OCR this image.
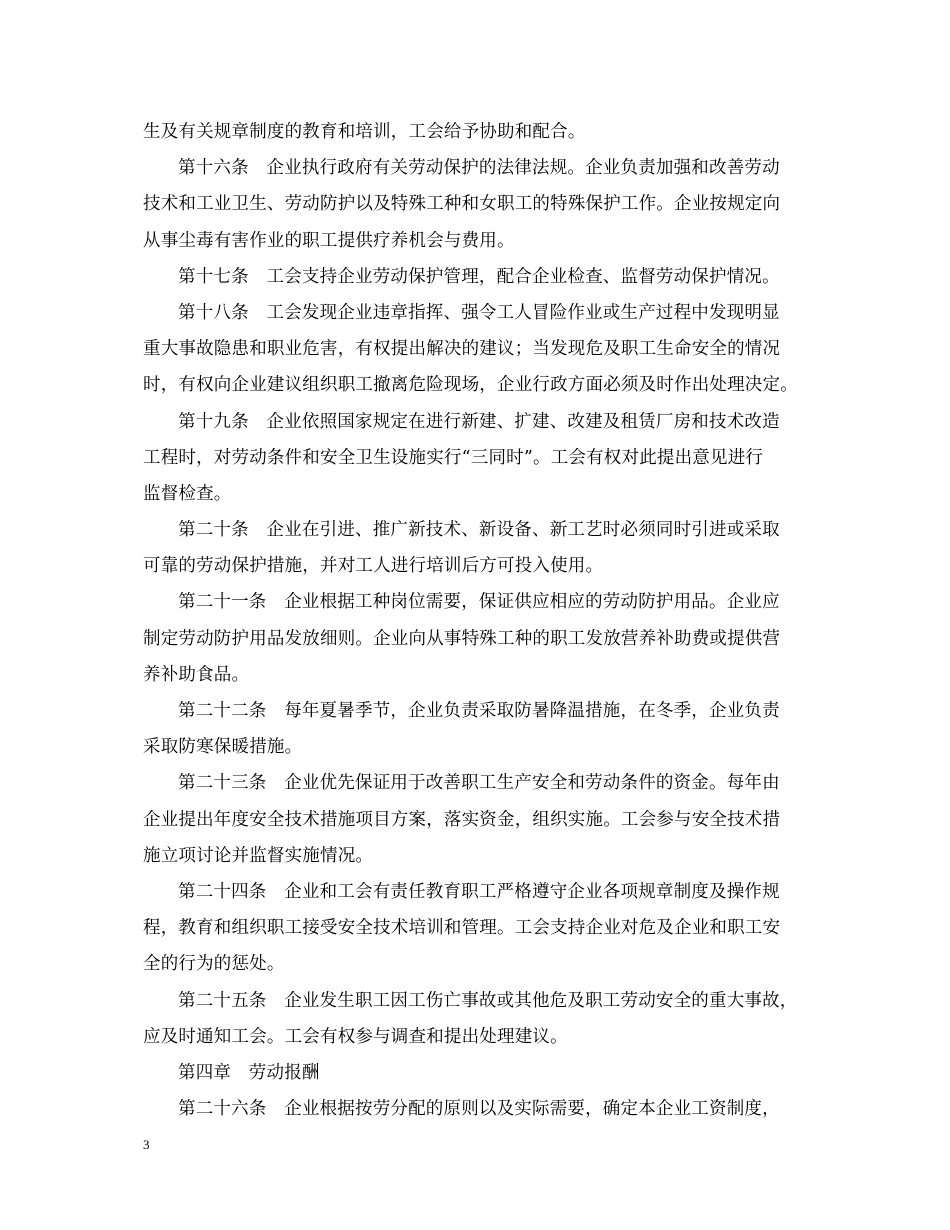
生及有关规章制度的教育和培训，工会给予协助和配合。
第十六条　企业执行政府有关劳动保护的法律法规。企业负责加强和改善劳动
技术和工业卫生、劳动防护以及特殊工种和女职工的特殊保护工作。企业按规定向
从事尘毒有害作业的职工提供疗养机会与费用。
第十七条　工会支持企业劳动保护管理，配合企业检查、监督劳动保护情况。
第十八条　工会发现企业违章指挥、强令工人冒险作业或生产过程中发现明显
重大事故隐患和职业危害，有权提出解决的建议；当发现危及职工生命安全的情况
时，有权向企业建议组织职工撤离危险现场，企业行政方面必须及时作出处理决定。
第十九条　企业依照国家规定在进行新建、扩建、改建及租赁厂房和技术改造
工程时，对劳动条件和安全卫生设施实行“三同时”。工会有权对此提出意见进行
监督检查。
第二十条　企业在引进、推广新技术、新设备、新工艺时必须同时引进或采取
可靠的劳动保护措施，并对工人进行培训后方可投入使用。
第二十一条　企业根据工种岗位需要，保证供应相应的劳动防护用品。企业应
制定劳动防护用品发放细则。企业向从事特殊工种的职工发放营养补助费或提供营
养补助食品。
第二十二条　每年夏暑季节，企业负责采取防暑降温措施，在冬季，企业负责
采取防寒保暖措施。
第二十三条　企业优先保证用于改善职工生产安全和劳动条件的资金。每年由
企业提出年度安全技术措施项目方案，落实资金，组织实施。工会参与安全技术措
施立项讨论并监督实施情况。
第二十四条　企业和工会有责任教育职工严格遵守企业各项规章制度及操作规
程，教育和组织职工接受安全技术培训和管理。工会支持企业对危及企业和职工安
全的行为的惩处。
第二十五条　企业发生职工因工伤亡事故或其他危及职工劳动安全的重大事故，
应及时通知工会。工会有权参与调查和提出处理建议。
第四章　劳动报酬
第二十六条　企业根据按劳分配的原则以及实际需要，确定本企业工资制度，
3
